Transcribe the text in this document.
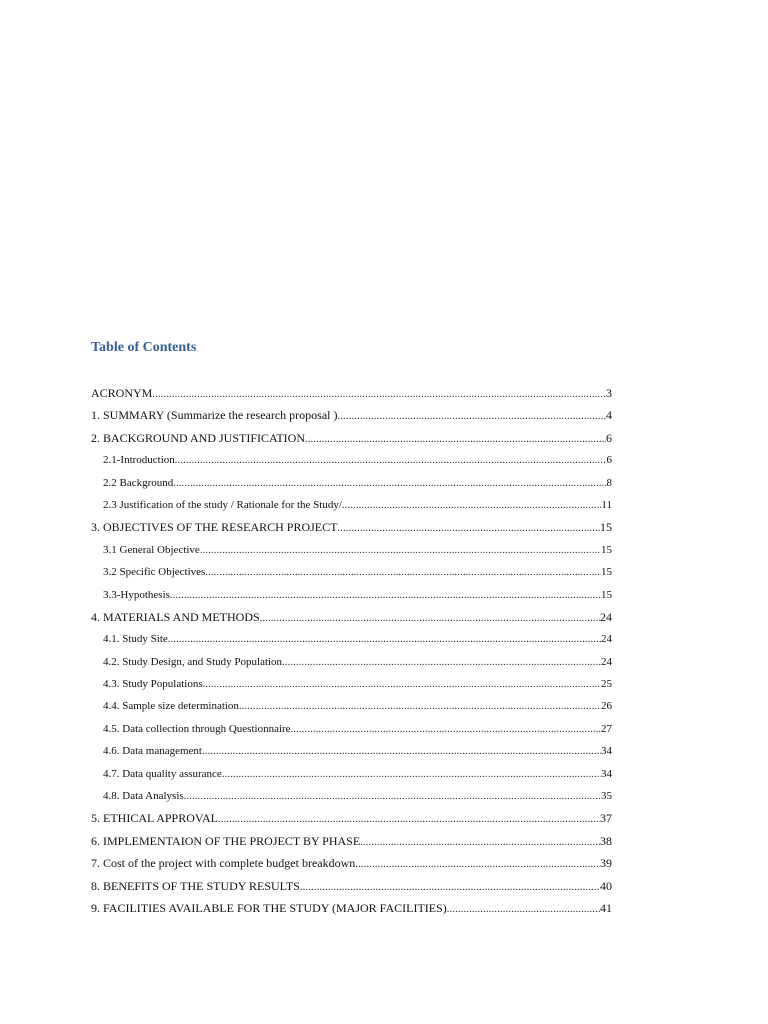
Table of Contents
ACRONYM .....	3
1. SUMMARY (Summarize the research proposal ) .....	4
2. BACKGROUND AND JUSTIFICATION .....	6
2.1-Introduction .....	6
2.2 Background .....	8
2.3 Justification of the study / Rationale for the Study/ .....	11
3. OBJECTIVES OF THE RESEARCH PROJECT .....	15
3.1 General Objective .....	15
3.2 Specific Objectives .....	15
3.3-Hypothesis .....	15
4. MATERIALS AND METHODS .....	24
4.1. Study Site .....	24
4.2. Study Design, and Study Population .....	24
4.3. Study Populations .....	25
4.4. Sample size determination .....	26
4.5. Data collection through Questionnaire .....	27
4.6. Data management .....	34
4.7. Data quality assurance .....	34
4.8. Data Analysis .....	35
5. ETHICAL APPROVAL .....	37
6. IMPLEMENTAION OF THE PROJECT BY PHASE .....	38
7. Cost of the project with complete budget breakdown .....	39
8. BENEFITS OF THE STUDY RESULTS .....	40
9. FACILITIES AVAILABLE FOR THE STUDY (MAJOR FACILITIES) .....	41
